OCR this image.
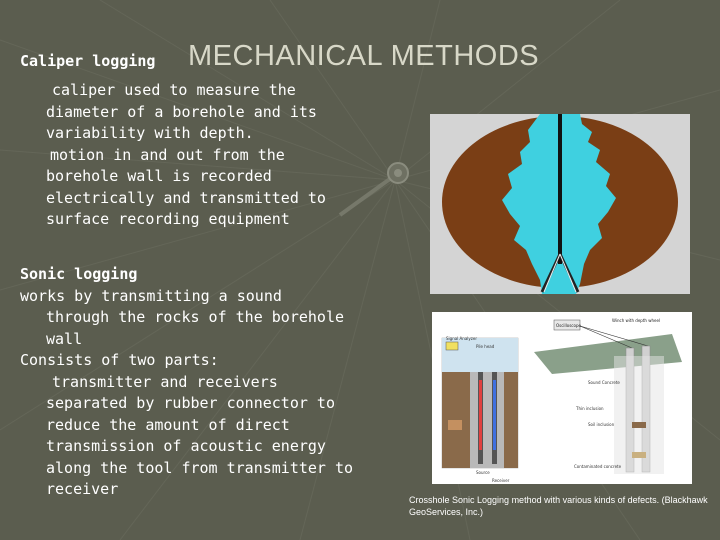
Caliper logging MECHANICAL METHODS
caliper used to measure the
diameter of a borehole and its
variability with depth.
motion in and out from the
borehole wall is recorded
electrically and transmitted to
surface recording equipment
Sonic logging
works by transmitting a sound
through the rocks of the borehole
wall
Consists of two parts:
transmitter and receivers
separated by rubber connector to
reduce the amount of direct
transmission of acoustic energy
along the tool from transmitter to
receiver
Signal Analyzer
Pile head
Source
Receiver
Oscilloscope
Winch with depth wheel
Sound Concrete
Thin inclusion
Soil inclusion
Contaminated concrete
Crosshole Sonic Logging method with various kinds of defects. (Blackhawk GeoServices, Inc.)
